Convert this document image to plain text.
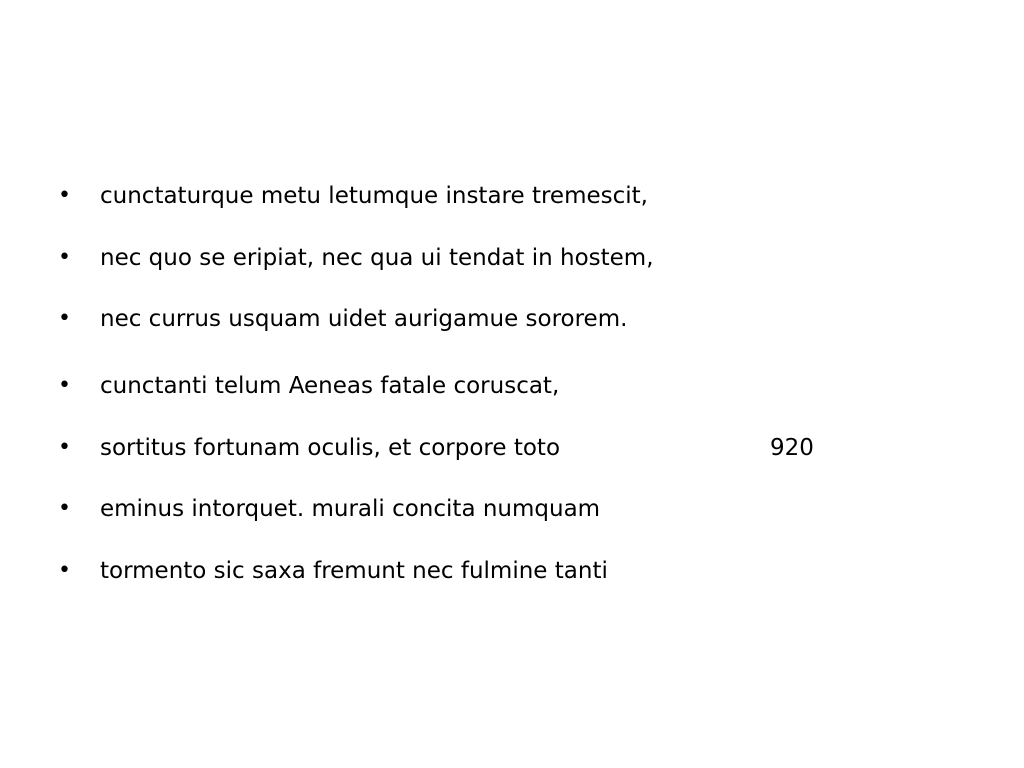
•	cunctaturque metu letumque instare tremescit,
•	nec quo se eripiat, nec qua ui tendat in hostem,
•	nec currus usquam uidet aurigamue sororem.
•	cunctanti telum Aeneas fatale coruscat,
•	sortitus fortunam oculis, et corpore toto	920
•	eminus intorquet. murali concita numquam
•	tormento sic saxa fremunt nec fulmine tanti
